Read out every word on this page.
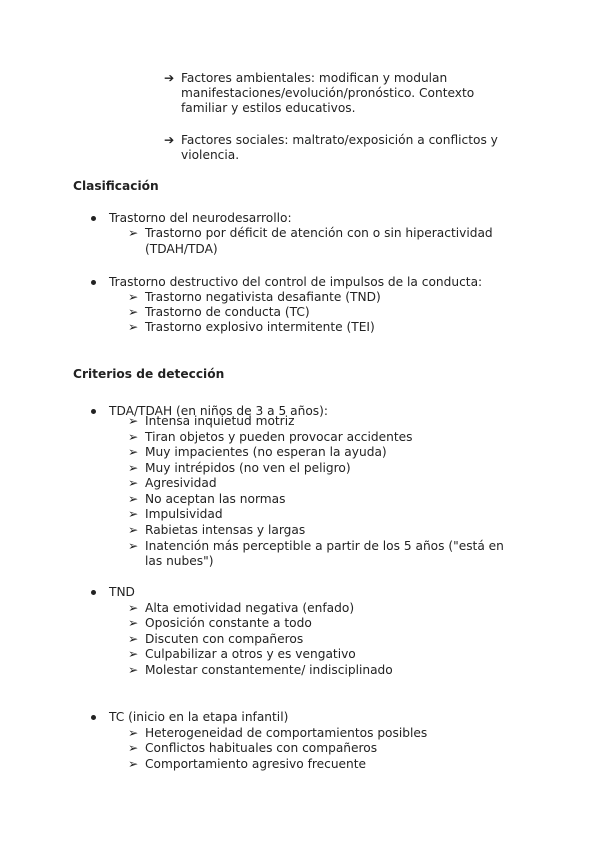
➔ Factores ambientales: modifican y modulan
manifestaciones/evolución/pronóstico. Contexto
familiar y estilos educativos.
➔ Factores sociales: maltrato/exposición a conflictos y
violencia.
Clasificación
Trastorno del neurodesarrollo:
➢ Trastorno por déficit de atención con o sin hiperactividad
(TDAH/TDA)
Trastorno destructivo del control de impulsos de la conducta:
➢ Trastorno negativista desafiante (TND)
➢ Trastorno de conducta (TC)
➢ Trastorno explosivo intermitente (TEI)
Criterios de detección
TDA/TDAH (en niños de 3 a 5 años):
➢ Intensa inquietud motriz
➢ Tiran objetos y pueden provocar accidentes
➢ Muy impacientes (no esperan la ayuda)
➢ Muy intrépidos (no ven el peligro)
➢ Agresividad
➢ No aceptan las normas
➢ Impulsividad
➢ Rabietas intensas y largas
➢ Inatención más perceptible a partir de los 5 años ("está en
las nubes")
TND
➢ Alta emotividad negativa (enfado)
➢ Oposición constante a todo
➢ Discuten con compañeros
➢ Culpabilizar a otros y es vengativo
➢ Molestar constantemente/ indisciplinado
TC (inicio en la etapa infantil)
➢ Heterogeneidad de comportamientos posibles
➢ Conflictos habituales con compañeros
➢ Comportamiento agresivo frecuente
